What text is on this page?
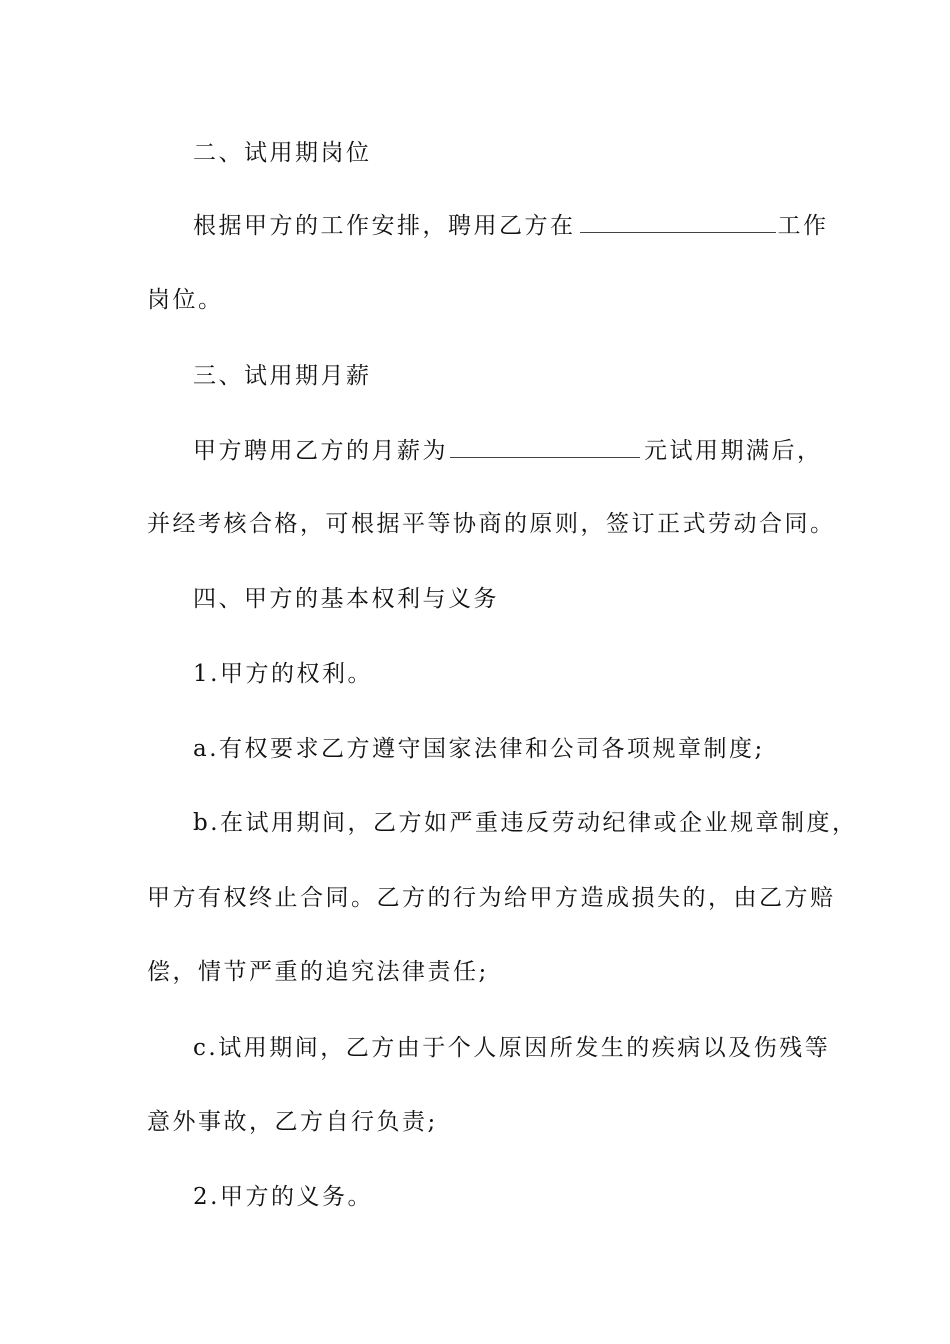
二、试用期岗位
根据甲方的工作安排，聘用乙方在	工作
岗位。
三、试用期月薪
甲方聘用乙方的月薪为	元试用期满后，
并经考核合格，可根据平等协商的原则，签订正式劳动合同。
四、甲方的基本权利与义务
1.甲方的权利。
a.有权要求乙方遵守国家法律和公司各项规章制度;
b.在试用期间，乙方如严重违反劳动纪律或企业规章制度，
甲方有权终止合同。乙方的行为给甲方造成损失的，由乙方赔
偿，情节严重的追究法律责任;
c.试用期间，乙方由于个人原因所发生的疾病以及伤残等
意外事故，乙方自行负责;
2.甲方的义务。
